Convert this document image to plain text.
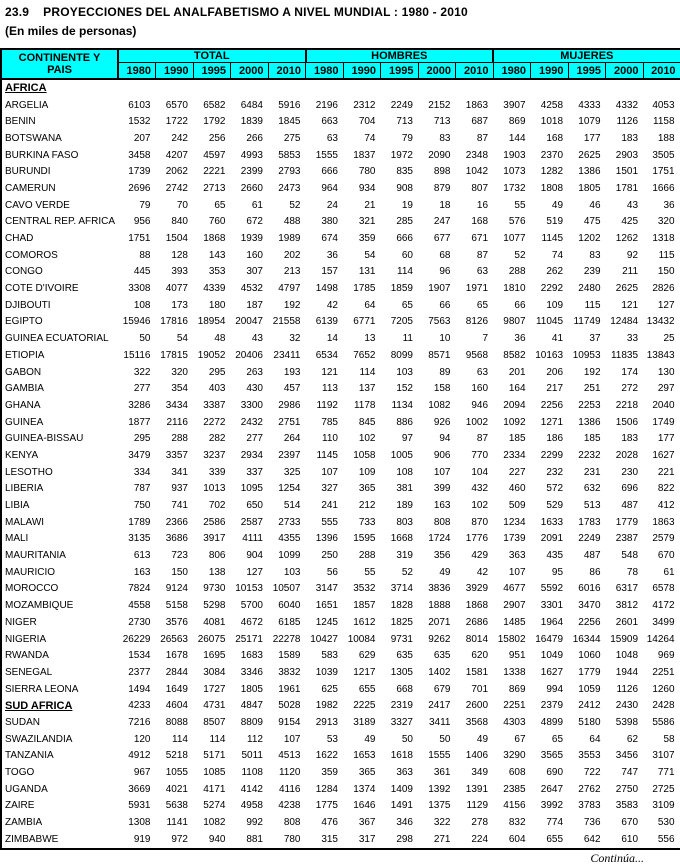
23.9 PROYECCIONES DEL ANALFABETISMO A NIVEL MUNDIAL : 1980 - 2010
(En miles de personas)
CONTINENTE Y
PAIS	TOTAL					HOMBRES					MUJERES				
	1980	1990	1995	2000	2010	1980	1990	1995	2000	2010	1980	1990	1995	2000	2010
AFRICA															
ARGELIA	6103	6570	6582	6484	5916	2196	2312	2249	2152	1863	3907	4258	4333	4332	4053
BENIN	1532	1722	1792	1839	1845	663	704	713	713	687	869	1018	1079	1126	1158
BOTSWANA	207	242	256	266	275	63	74	79	83	87	144	168	177	183	188
BURKINA FASO	3458	4207	4597	4993	5853	1555	1837	1972	2090	2348	1903	2370	2625	2903	3505
BURUNDI	1739	2062	2221	2399	2793	666	780	835	898	1042	1073	1282	1386	1501	1751
CAMERUN	2696	2742	2713	2660	2473	964	934	908	879	807	1732	1808	1805	1781	1666
CAVO VERDE	79	70	65	61	52	24	21	19	18	16	55	49	46	43	36
CENTRAL REP. AFRICA	956	840	760	672	488	380	321	285	247	168	576	519	475	425	320
CHAD	1751	1504	1868	1939	1989	674	359	666	677	671	1077	1145	1202	1262	1318
COMOROS	88	128	143	160	202	36	54	60	68	87	52	74	83	92	115
CONGO	445	393	353	307	213	157	131	114	96	63	288	262	239	211	150
COTE D'IVOIRE	3308	4077	4339	4532	4797	1498	1785	1859	1907	1971	1810	2292	2480	2625	2826
DJIBOUTI	108	173	180	187	192	42	64	65	66	65	66	109	115	121	127
EGIPTO	15946	17816	18954	20047	21558	6139	6771	7205	7563	8126	9807	11045	11749	12484	13432
GUINEA ECUATORIAL	50	54	48	43	32	14	13	11	10	7	36	41	37	33	25
ETIOPIA	15116	17815	19052	20406	23411	6534	7652	8099	8571	9568	8582	10163	10953	11835	13843
GABON	322	320	295	263	193	121	114	103	89	63	201	206	192	174	130
GAMBIA	277	354	403	430	457	113	137	152	158	160	164	217	251	272	297
GHANA	3286	3434	3387	3300	2986	1192	1178	1134	1082	946	2094	2256	2253	2218	2040
GUINEA	1877	2116	2272	2432	2751	785	845	886	926	1002	1092	1271	1386	1506	1749
GUINEA-BISSAU	295	288	282	277	264	110	102	97	94	87	185	186	185	183	177
KENYA	3479	3357	3237	2934	2397	1145	1058	1005	906	770	2334	2299	2232	2028	1627
LESOTHO	334	341	339	337	325	107	109	108	107	104	227	232	231	230	221
LIBERIA	787	937	1013	1095	1254	327	365	381	399	432	460	572	632	696	822
LIBIA	750	741	702	650	514	241	212	189	163	102	509	529	513	487	412
MALAWI	1789	2366	2586	2587	2733	555	733	803	808	870	1234	1633	1783	1779	1863
MALI	3135	3686	3917	4111	4355	1396	1595	1668	1724	1776	1739	2091	2249	2387	2579
MAURITANIA	613	723	806	904	1099	250	288	319	356	429	363	435	487	548	670
MAURICIO	163	150	138	127	103	56	55	52	49	42	107	95	86	78	61
MOROCCO	7824	9124	9730	10153	10507	3147	3532	3714	3836	3929	4677	5592	6016	6317	6578
MOZAMBIQUE	4558	5158	5298	5700	6040	1651	1857	1828	1888	1868	2907	3301	3470	3812	4172
NIGER	2730	3576	4081	4672	6185	1245	1612	1825	2071	2686	1485	1964	2256	2601	3499
NIGERIA	26229	26563	26075	25171	22278	10427	10084	9731	9262	8014	15802	16479	16344	15909	14264
RWANDA	1534	1678	1695	1683	1589	583	629	635	635	620	951	1049	1060	1048	969
SENEGAL	2377	2844	3084	3346	3832	1039	1217	1305	1402	1581	1338	1627	1779	1944	2251
SIERRA LEONA	1494	1649	1727	1805	1961	625	655	668	679	701	869	994	1059	1126	1260
SUD AFRICA	4233	4604	4731	4847	5028	1982	2225	2319	2417	2600	2251	2379	2412	2430	2428
SUDAN	7216	8088	8507	8809	9154	2913	3189	3327	3411	3568	4303	4899	5180	5398	5586
SWAZILANDIA	120	114	114	112	107	53	49	50	50	49	67	65	64	62	58
TANZANIA	4912	5218	5171	5011	4513	1622	1653	1618	1555	1406	3290	3565	3553	3456	3107
TOGO	967	1055	1085	1108	1120	359	365	363	361	349	608	690	722	747	771
UGANDA	3669	4021	4171	4142	4116	1284	1374	1409	1392	1391	2385	2647	2762	2750	2725
ZAIRE	5931	5638	5274	4958	4238	1775	1646	1491	1375	1129	4156	3992	3783	3583	3109
ZAMBIA	1308	1141	1082	992	808	476	367	346	322	278	832	774	736	670	530
ZIMBABWE	919	972	940	881	780	315	317	298	271	224	604	655	642	610	556
Continúa...
